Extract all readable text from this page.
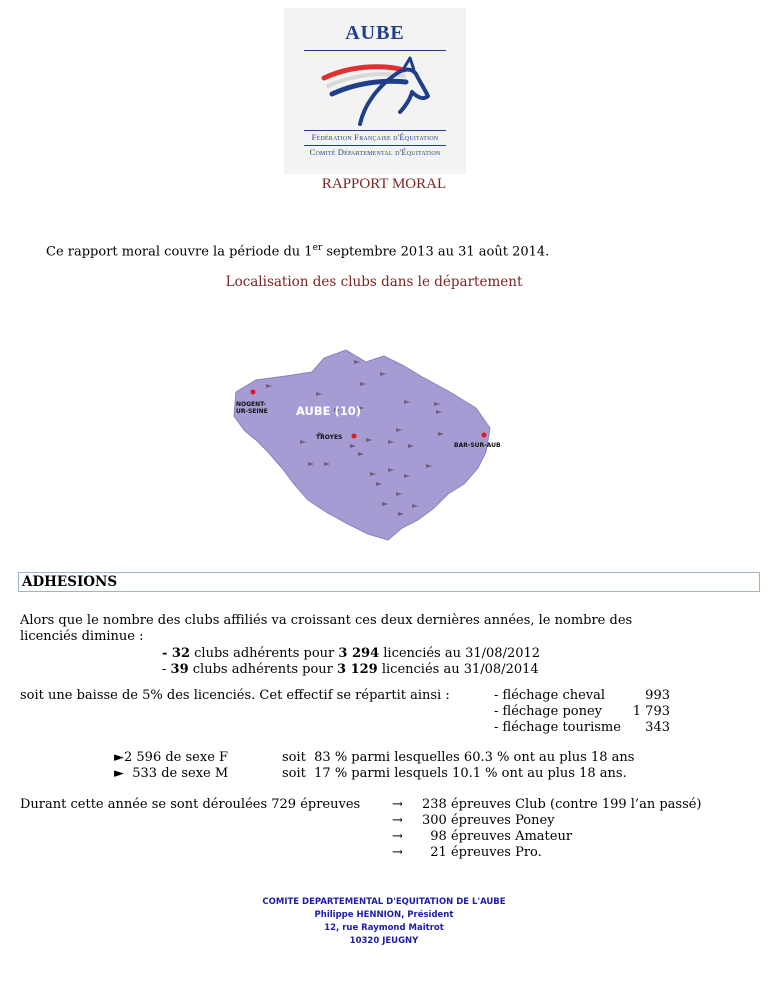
AUBE
Fédération Française d'Équitation
Comité Départemental d'Équitation
RAPPORT MORAL
Ce rapport moral couvre la période du 1er septembre 2013 au 31 août 2014.
Localisation des clubs dans le département
AUBE (10)
NOGENT-
UR-SEINE
TROYES
BAR-SUR-AUB
ADHESIONS
Alors que le nombre des clubs affiliés va croissant ces deux dernières années, le nombre des
licenciés diminue :
- 32 clubs adhérents pour 3 294 licenciés au 31/08/2012
- 39 clubs adhérents pour 3 129 licenciés au 31/08/2014
soit une baisse de 5% des licenciés. Cet effectif se répartit ainsi :	- fléchage cheval	993
- fléchage poney	1 793
- fléchage tourisme	343
►2 596 de sexe F	soit  83 % parmi lesquelles 60.3 % ont au plus 18 ans
►  533 de sexe M	soit  17 % parmi lesquels 10.1 % ont au plus 18 ans.
Durant cette année se sont déroulées 729 épreuves → 238 épreuves Club (contre 199 l’an passé)
→ 300 épreuves Poney
→ 98 épreuves Amateur
→ 21 épreuves Pro.
COMITE DEPARTEMENTAL D'EQUITATION DE L'AUBE
Philippe HENNION, Président
12, rue Raymond Maitrot
10320 JEUGNY
